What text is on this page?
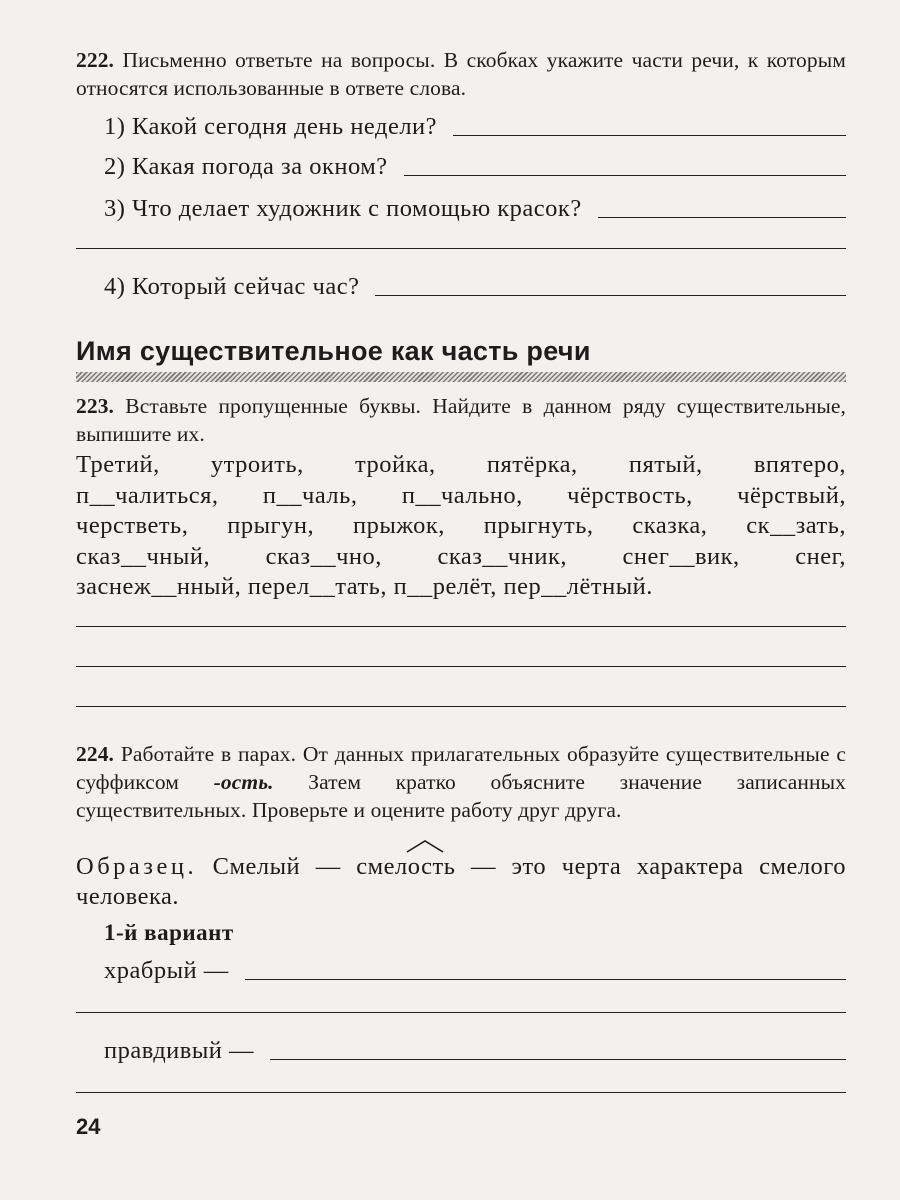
222. Письменно ответьте на вопросы. В скобках укажите части речи, к которым относятся использованные в ответе слова.
1) Какой сегодня день недели?
2) Какая погода за окном?
3) Что делает художник с помощью красок?
4) Который сейчас час?
Имя существительное как часть речи
223. Вставьте пропущенные буквы. Найдите в данном ряду существительные, выпишите их.
Третий, утроить, тройка, пятёрка, пятый, впятеро,
п__чалиться, п__чаль, п__чально, чёрствость, чёрствый,
черстветь, прыгун, прыжок, прыгнуть, сказка, ск__зать,
сказ__чный, сказ__чно, сказ__чник, снег__вик, снег,
заснеж__нный, перел__тать, п__релёт, пер__лётный.
224. Работайте в парах. От данных прилагательных образуйте существительные с суффиксом -ость. Затем кратко объясните значение записанных существительных. Проверьте и оцените работу друг друга.
Образец. Смелый — смел
ость — это черта характера смелого человека.
1-й вариант
храбрый —
правдивый —
24
